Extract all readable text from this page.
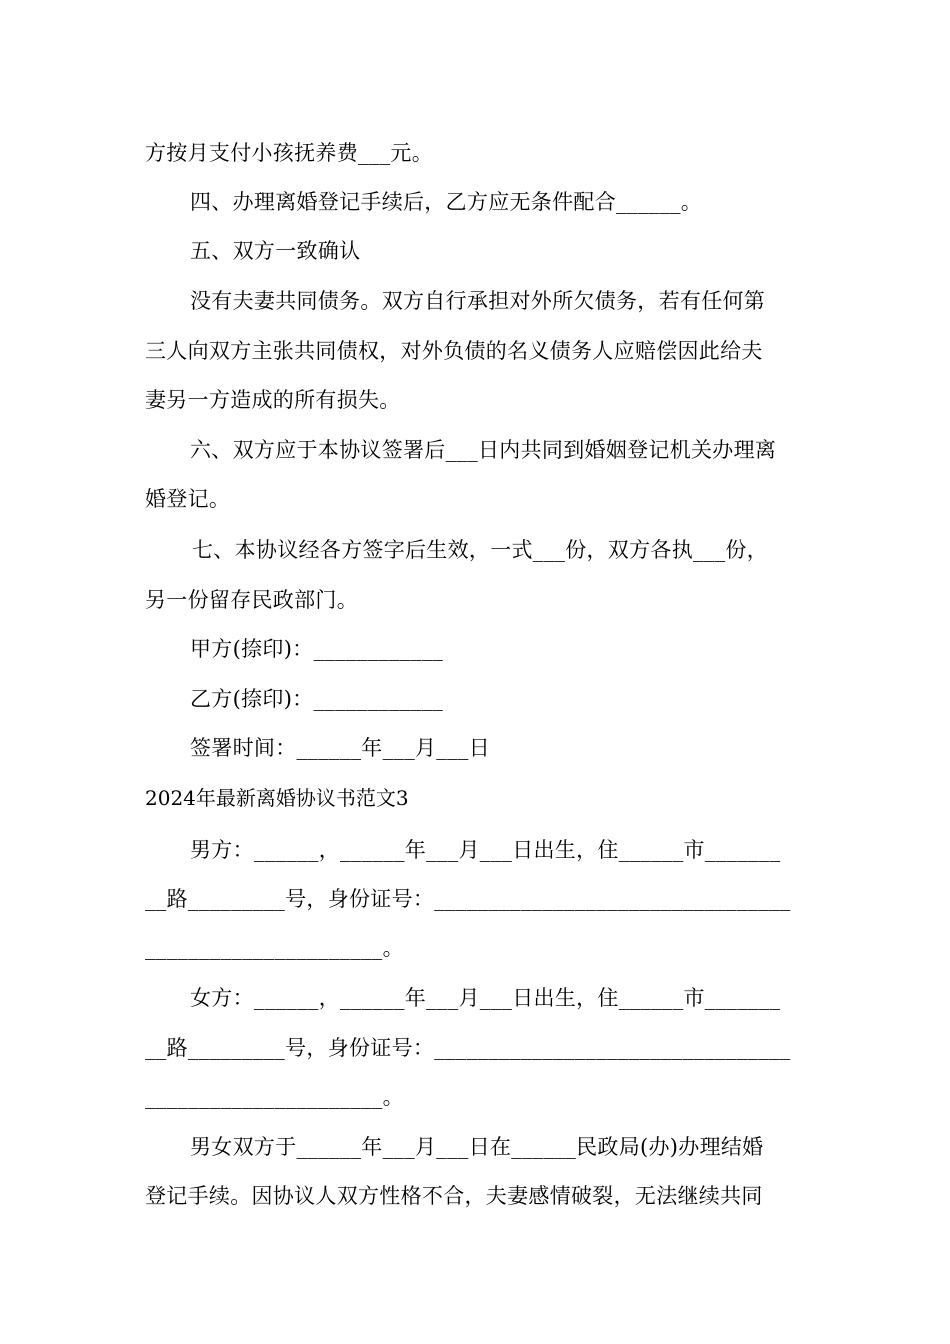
方按月支付小孩抚养费___元。
四、办理离婚登记手续后，乙方应无条件配合______。
五、双方一致确认
没有夫妻共同债务。双方自行承担对外所欠债务，若有任何第
三人向双方主张共同债权，对外负债的名义债务人应赔偿因此给夫
妻另一方造成的所有损失。
六、双方应于本协议签署后___日内共同到婚姻登记机关办理离
婚登记。
七、本协议经各方签字后生效，一式___份，双方各执___份，
另一份留存民政部门。
甲方(捺印)：____________
乙方(捺印)：____________
签署时间：______年___月___日
2024年最新离婚协议书范文3
男方：______，______年___月___日出生，住______市_______
__路_________号，身份证号：_________________________________
______________________。
女方：______，______年___月___日出生，住______市_______
__路_________号，身份证号：_________________________________
______________________。
男女双方于______年___月___日在______民政局(办)办理结婚
登记手续。因协议人双方性格不合，夫妻感情破裂，无法继续共同
